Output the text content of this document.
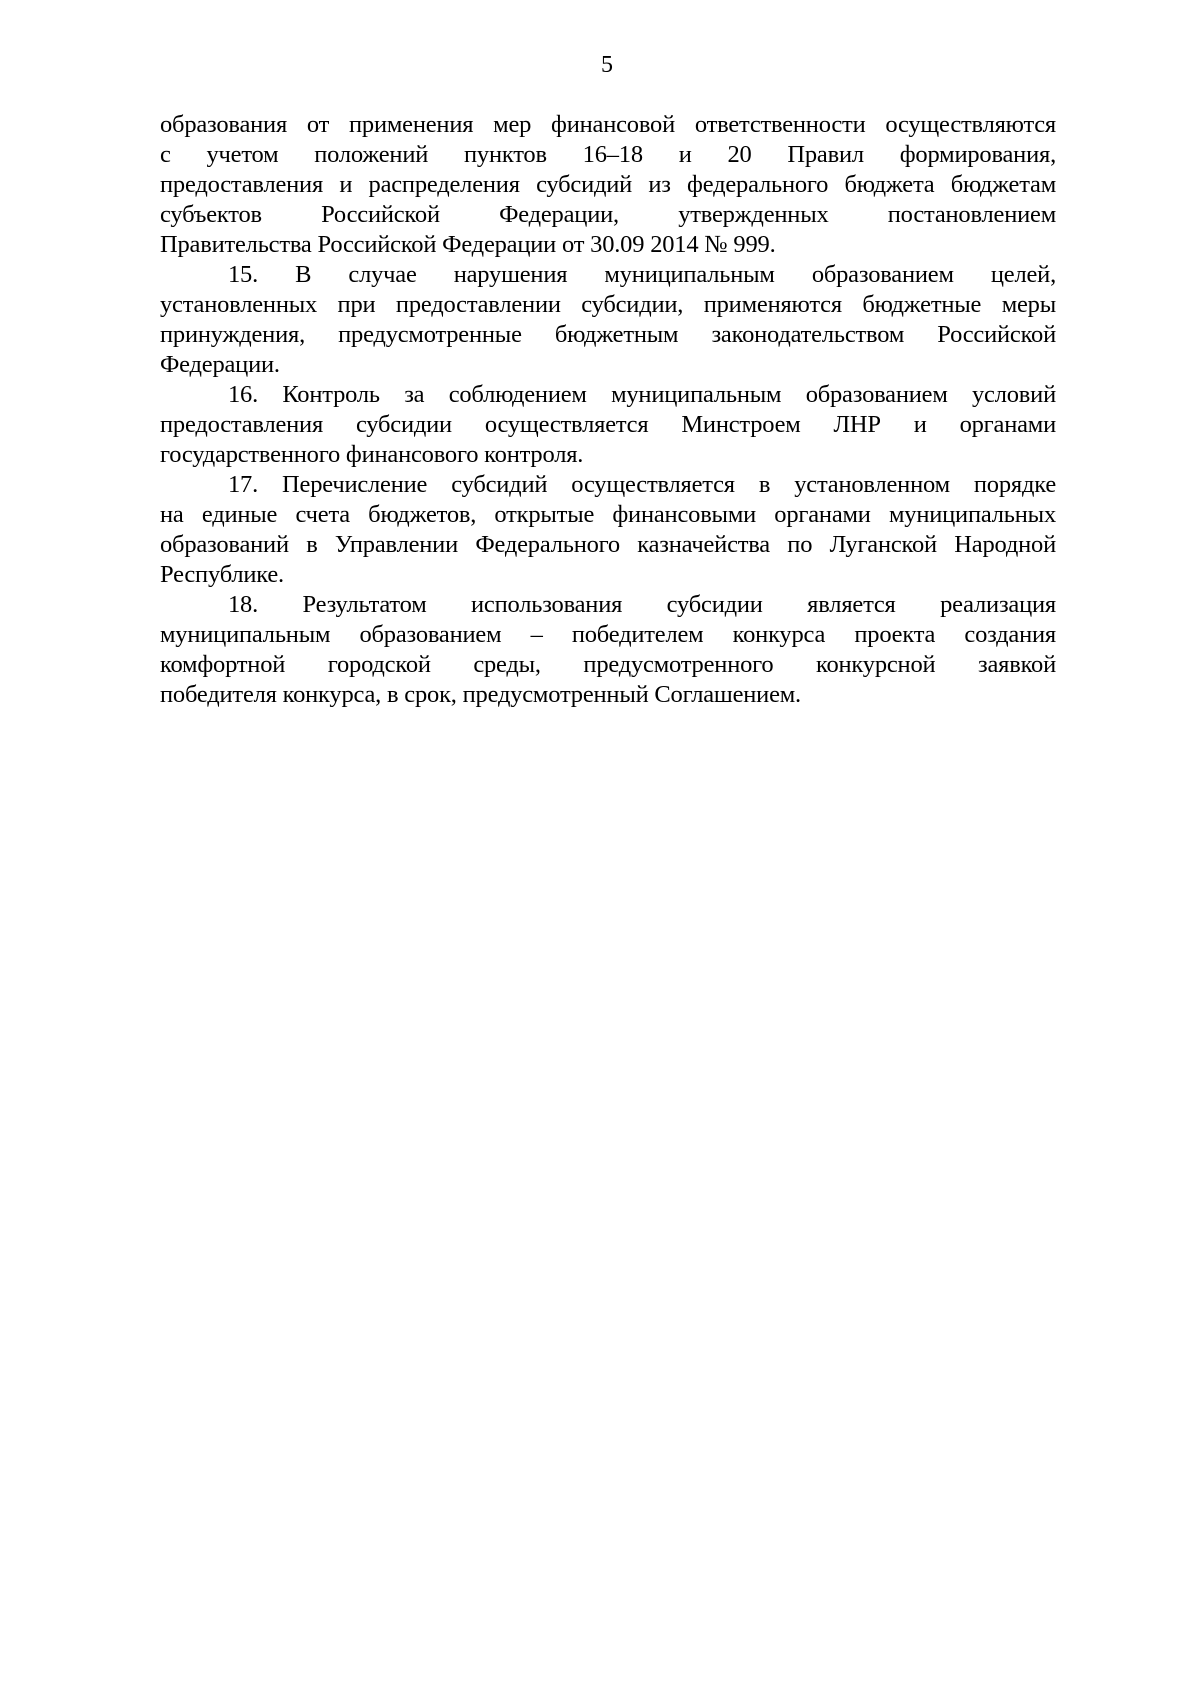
5
образования от применения мер финансовой ответственности осуществляются
с учетом положений пунктов 16–18 и 20 Правил формирования,
предоставления и распределения субсидий из федерального бюджета бюджетам
субъектов Российской Федерации, утвержденных постановлением
Правительства Российской Федерации от 30.09 2014 № 999.
15. В случае нарушения муниципальным образованием целей,
установленных при предоставлении субсидии, применяются бюджетные меры
принуждения, предусмотренные бюджетным законодательством Российской
Федерации.
16. Контроль за соблюдением муниципальным образованием условий
предоставления субсидии осуществляется Минстроем ЛНР и органами
государственного финансового контроля.
17. Перечисление субсидий осуществляется в установленном порядке
на единые счета бюджетов, открытые финансовыми органами муниципальных
образований в Управлении Федерального казначейства по Луганской Народной
Республике.
18. Результатом использования субсидии является реализация
муниципальным образованием – победителем конкурса проекта создания
комфортной городской среды, предусмотренного конкурсной заявкой
победителя конкурса, в срок, предусмотренный Соглашением.
